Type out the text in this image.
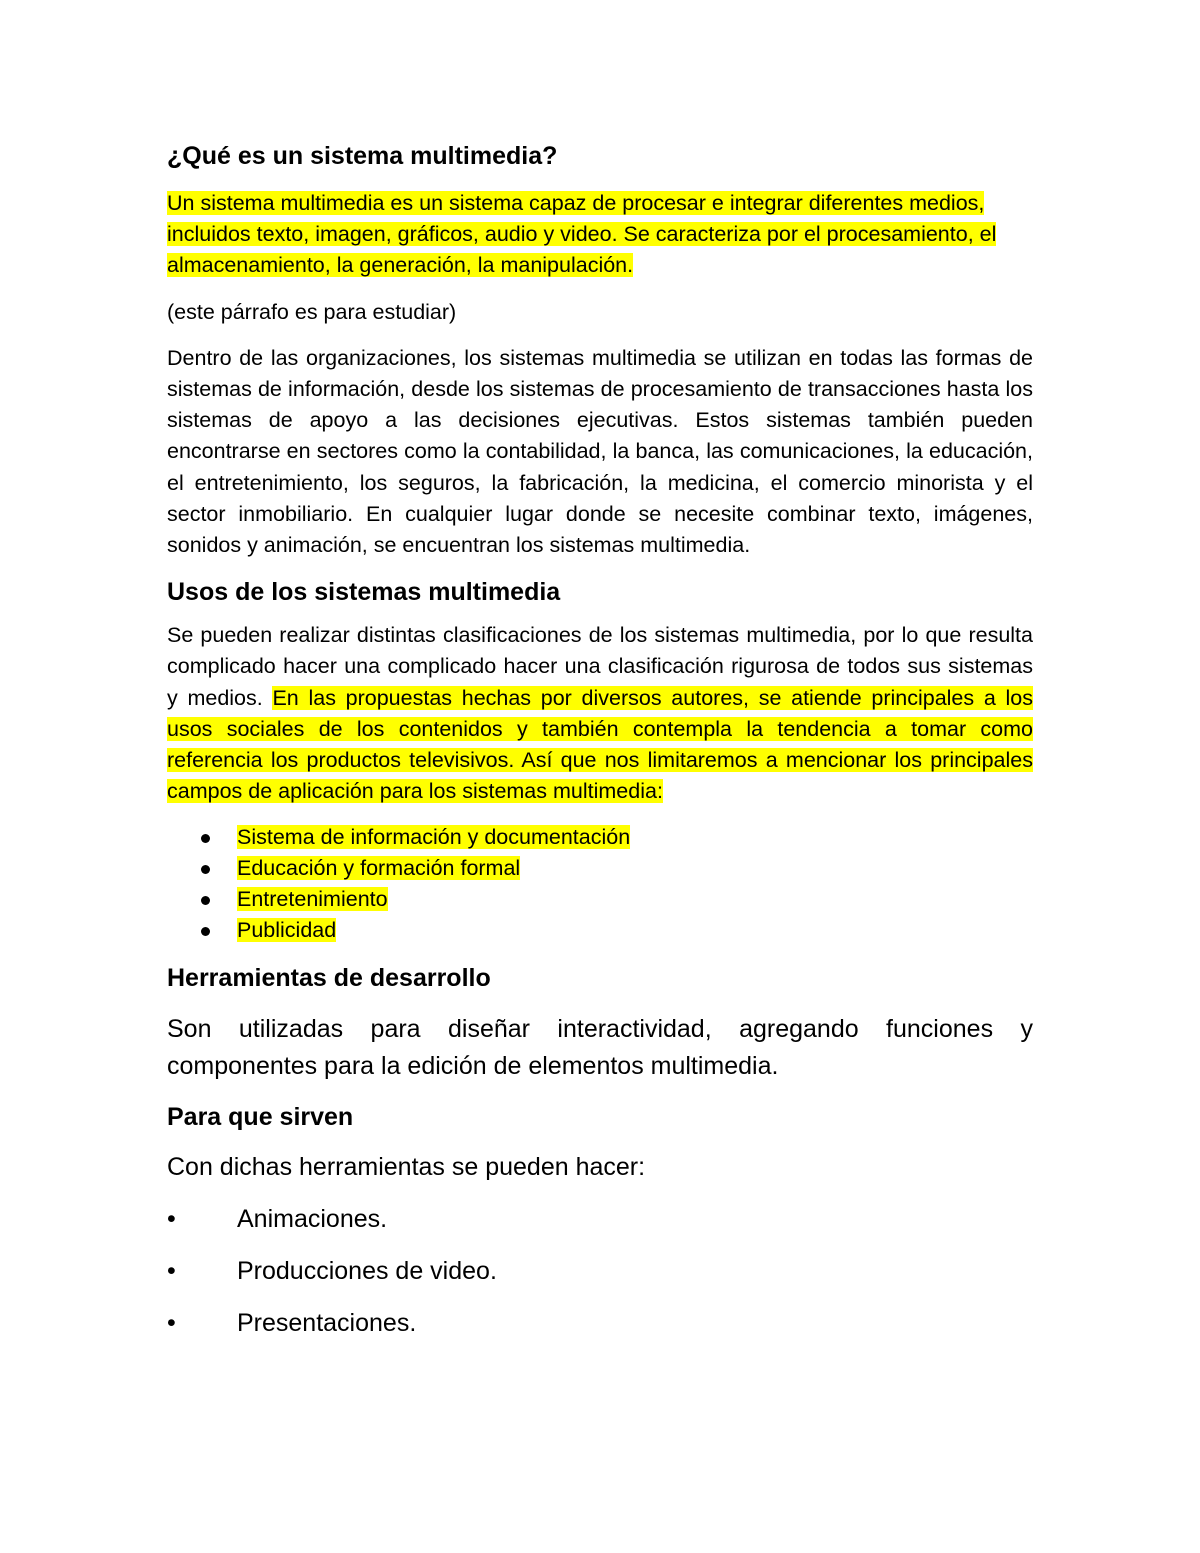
¿Qué es un sistema multimedia?

Un sistema multimedia es un sistema capaz de procesar e integrar diferentes medios, incluidos texto, imagen, gráficos, audio y video. Se caracteriza por el procesamiento, el almacenamiento, la generación, la manipulación.

(este párrafo es para estudiar)

Dentro de las organizaciones, los sistemas multimedia se utilizan en todas las formas de sistemas de información, desde los sistemas de procesamiento de transacciones hasta los sistemas de apoyo a las decisiones ejecutivas. Estos sistemas también pueden encontrarse en sectores como la contabilidad, la banca, las comunicaciones, la educación, el entretenimiento, los seguros, la fabricación, la medicina, el comercio minorista y el sector inmobiliario. En cualquier lugar donde se necesite combinar texto, imágenes, sonidos y animación, se encuentran los sistemas multimedia.

Usos de los sistemas multimedia

Se pueden realizar distintas clasificaciones de los sistemas multimedia, por lo que resulta complicado hacer una complicado hacer una clasificación rigurosa de todos sus sistemas y medios. En las propuestas hechas por diversos autores, se atiende principales a los usos sociales de los contenidos y también contempla la tendencia a tomar como referencia los productos televisivos. Así que nos limitaremos a mencionar los principales campos de aplicación para los sistemas multimedia:

Sistema de información y documentación
Educación y formación formal
Entretenimiento
Publicidad
Herramientas de desarrollo

Son utilizadas para diseñar interactividad, agregando funciones y componentes para la edición de elementos multimedia.

Para que sirven

Con dichas herramientas se pueden hacer:

• Animaciones.
• Producciones de video.
• Presentaciones.
